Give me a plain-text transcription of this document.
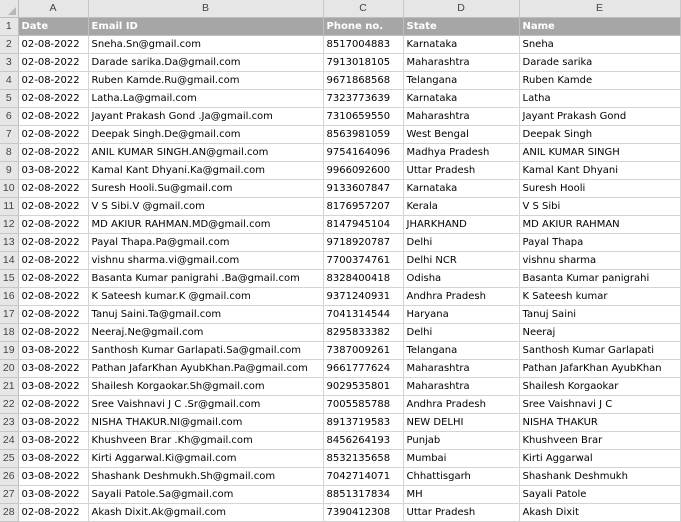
	A	B	C	D	E
1	Date	Email ID	Phone no.	State	Name
2	02-08-2022	Sneha.Sn@gmail.com	8517004883	Karnataka	Sneha
3	02-08-2022	Darade sarika.Da@gmail.com	7913018105	Maharashtra	Darade sarika
4	02-08-2022	Ruben Kamde.Ru@gmail.com	9671868568	Telangana	Ruben Kamde
5	02-08-2022	Latha.La@gmail.com	7323773639	Karnataka	Latha
6	02-08-2022	Jayant Prakash Gond .Ja@gmail.com	7310659550	Maharashtra	Jayant Prakash Gond
7	02-08-2022	Deepak Singh.De@gmail.com	8563981059	West Bengal	Deepak Singh
8	02-08-2022	ANIL KUMAR SINGH.AN@gmail.com	9754164096	Madhya Pradesh	ANIL KUMAR SINGH
9	03-08-2022	Kamal Kant Dhyani.Ka@gmail.com	9966092600	Uttar Pradesh	Kamal Kant Dhyani
10	02-08-2022	Suresh Hooli.Su@gmail.com	9133607847	Karnataka	Suresh Hooli
11	02-08-2022	V S Sibi.V @gmail.com	8176957207	Kerala	V S Sibi
12	02-08-2022	MD AKIUR RAHMAN.MD@gmail.com	8147945104	JHARKHAND	MD AKIUR RAHMAN
13	02-08-2022	Payal Thapa.Pa@gmail.com	9718920787	Delhi	Payal Thapa
14	02-08-2022	vishnu sharma.vi@gmail.com	7700374761	Delhi NCR	vishnu sharma
15	02-08-2022	Basanta Kumar panigrahi .Ba@gmail.com	8328400418	Odisha	Basanta Kumar panigrahi
16	02-08-2022	K Sateesh kumar.K @gmail.com	9371240931	Andhra Pradesh	K Sateesh kumar
17	02-08-2022	Tanuj Saini.Ta@gmail.com	7041314544	Haryana	Tanuj Saini
18	02-08-2022	Neeraj.Ne@gmail.com	8295833382	Delhi	Neeraj
19	03-08-2022	Santhosh Kumar Garlapati.Sa@gmail.com	7387009261	Telangana	Santhosh Kumar Garlapati
20	03-08-2022	Pathan JafarKhan AyubKhan.Pa@gmail.com	9661777624	Maharashtra	Pathan JafarKhan AyubKhan
21	03-08-2022	Shailesh Korgaokar.Sh@gmail.com	9029535801	Maharashtra	Shailesh Korgaokar
22	02-08-2022	Sree Vaishnavi J C .Sr@gmail.com	7005585788	Andhra Pradesh	Sree Vaishnavi J C
23	03-08-2022	NISHA THAKUR.NI@gmail.com	8913719583	NEW DELHI	NISHA THAKUR
24	03-08-2022	Khushveen Brar .Kh@gmail.com	8456264193	Punjab	Khushveen Brar
25	03-08-2022	Kirti Aggarwal.Ki@gmail.com	8532135658	Mumbai	Kirti Aggarwal
26	03-08-2022	Shashank Deshmukh.Sh@gmail.com	7042714071	Chhattisgarh	Shashank Deshmukh
27	03-08-2022	Sayali Patole.Sa@gmail.com	8851317834	MH	Sayali Patole
28	02-08-2022	Akash Dixit.Ak@gmail.com	7390412308	Uttar Pradesh	Akash Dixit
